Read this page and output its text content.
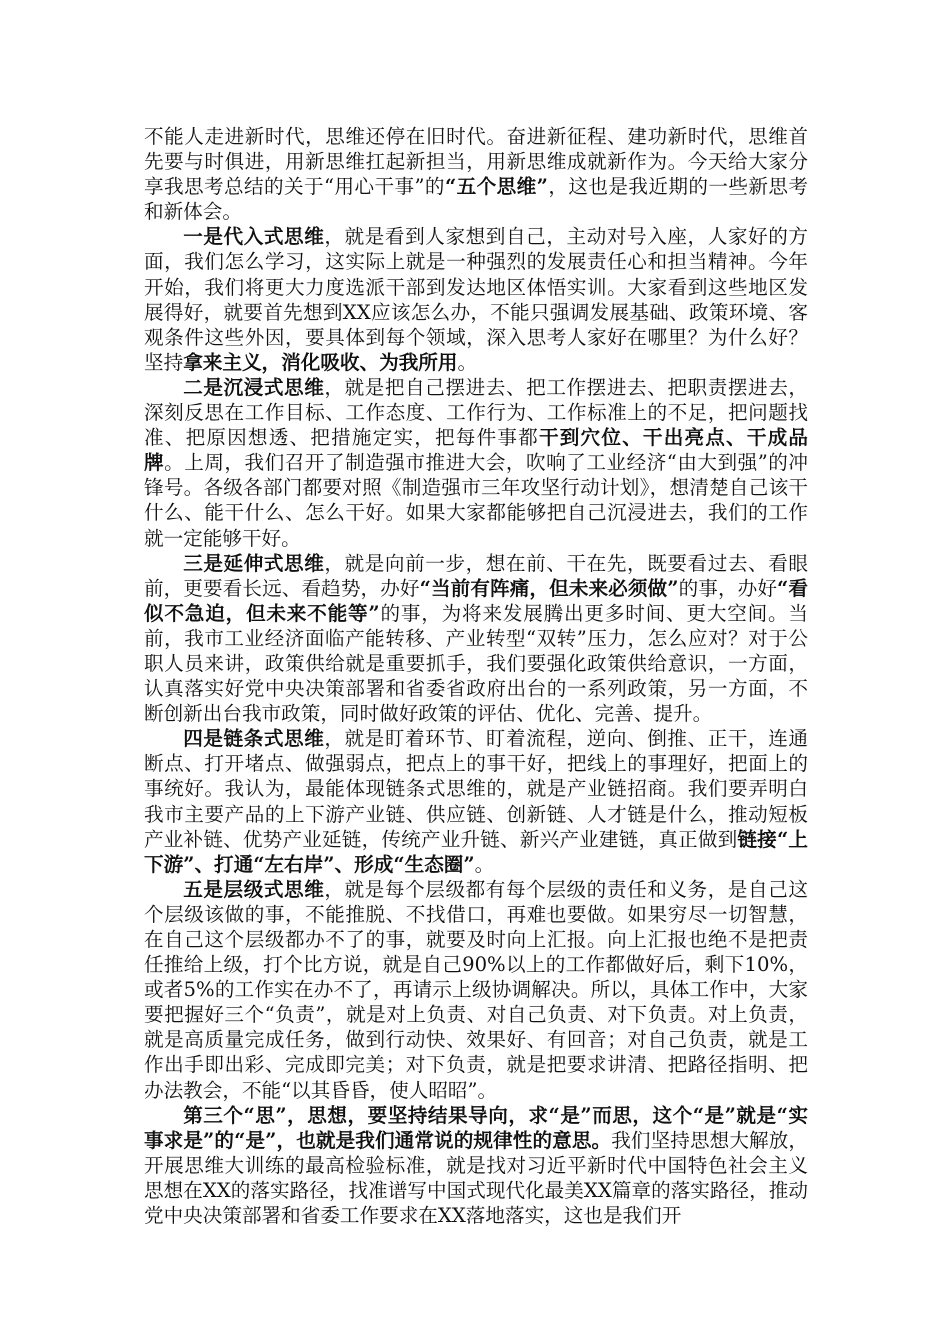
不能人走进新时代，思维还停在旧时代。奋进新征程、建功新时代，思维首先要与时俱进，用新思维扛起新担当，用新思维成就新作为。今天给大家分享我思考总结的关于“用心干事”的“五个思维”，这也是我近期的一些新思考和新体会。

一是代入式思维，就是看到人家想到自己，主动对号入座，人家好的方面，我们怎么学习，这实际上就是一种强烈的发展责任心和担当精神。今年开始，我们将更大力度选派干部到发达地区体悟实训。大家看到这些地区发展得好，就要首先想到XX应该怎么办，不能只强调发展基础、政策环境、客观条件这些外因，要具体到每个领域，深入思考人家好在哪里？为什么好？坚持拿来主义，消化吸收、为我所用。

二是沉浸式思维，就是把自己摆进去、把工作摆进去、把职责摆进去，深刻反思在工作目标、工作态度、工作行为、工作标准上的不足，把问题找准、把原因想透、把措施定实，把每件事都干到穴位、干出亮点、干成品牌。上周，我们召开了制造强市推进大会，吹响了工业经济“由大到强”的冲锋号。各级各部门都要对照《制造强市三年攻坚行动计划》，想清楚自己该干什么、能干什么、怎么干好。如果大家都能够把自己沉浸进去，我们的工作就一定能够干好。

三是延伸式思维，就是向前一步，想在前、干在先，既要看过去、看眼前，更要看长远、看趋势，办好“当前有阵痛，但未来必须做”的事，办好“看似不急迫，但未来不能等”的事，为将来发展腾出更多时间、更大空间。当前，我市工业经济面临产能转移、产业转型“双转”压力，怎么应对？对于公职人员来讲，政策供给就是重要抓手，我们要强化政策供给意识，一方面，认真落实好党中央决策部署和省委省政府出台的一系列政策，另一方面，不断创新出台我市政策，同时做好政策的评估、优化、完善、提升。

四是链条式思维，就是盯着环节、盯着流程，逆向、倒推、正干，连通断点、打开堵点、做强弱点，把点上的事干好，把线上的事理好，把面上的事统好。我认为，最能体现链条式思维的，就是产业链招商。我们要弄明白我市主要产品的上下游产业链、供应链、创新链、人才链是什么，推动短板产业补链、优势产业延链，传统产业升链、新兴产业建链，真正做到链接“上下游”、打通“左右岸”、形成“生态圈”。

五是层级式思维，就是每个层级都有每个层级的责任和义务，是自己这个层级该做的事，不能推脱、不找借口，再难也要做。如果穷尽一切智慧，在自己这个层级都办不了的事，就要及时向上汇报。向上汇报也绝不是把责任推给上级，打个比方说，就是自己90%以上的工作都做好后，剩下10%，或者5%的工作实在办不了，再请示上级协调解决。所以，具体工作中，大家要把握好三个“负责”，就是对上负责、对自己负责、对下负责。对上负责，就是高质量完成任务，做到行动快、效果好、有回音；对自己负责，就是工作出手即出彩、完成即完美；对下负责，就是把要求讲清、把路径指明、把办法教会，不能“以其昏昏，使人昭昭”。

第三个“思”，思想，要坚持结果导向，求“是”而思，这个“是”就是“实事求是”的“是”，也就是我们通常说的规律性的意思。我们坚持思想大解放，开展思维大训练的最高检验标准，就是找对习近平新时代中国特色社会主义思想在XX的落实路径，找准谱写中国式现代化最美XX篇章的落实路径，推动党中央决策部署和省委工作要求在XX落地落实，这也是我们开
